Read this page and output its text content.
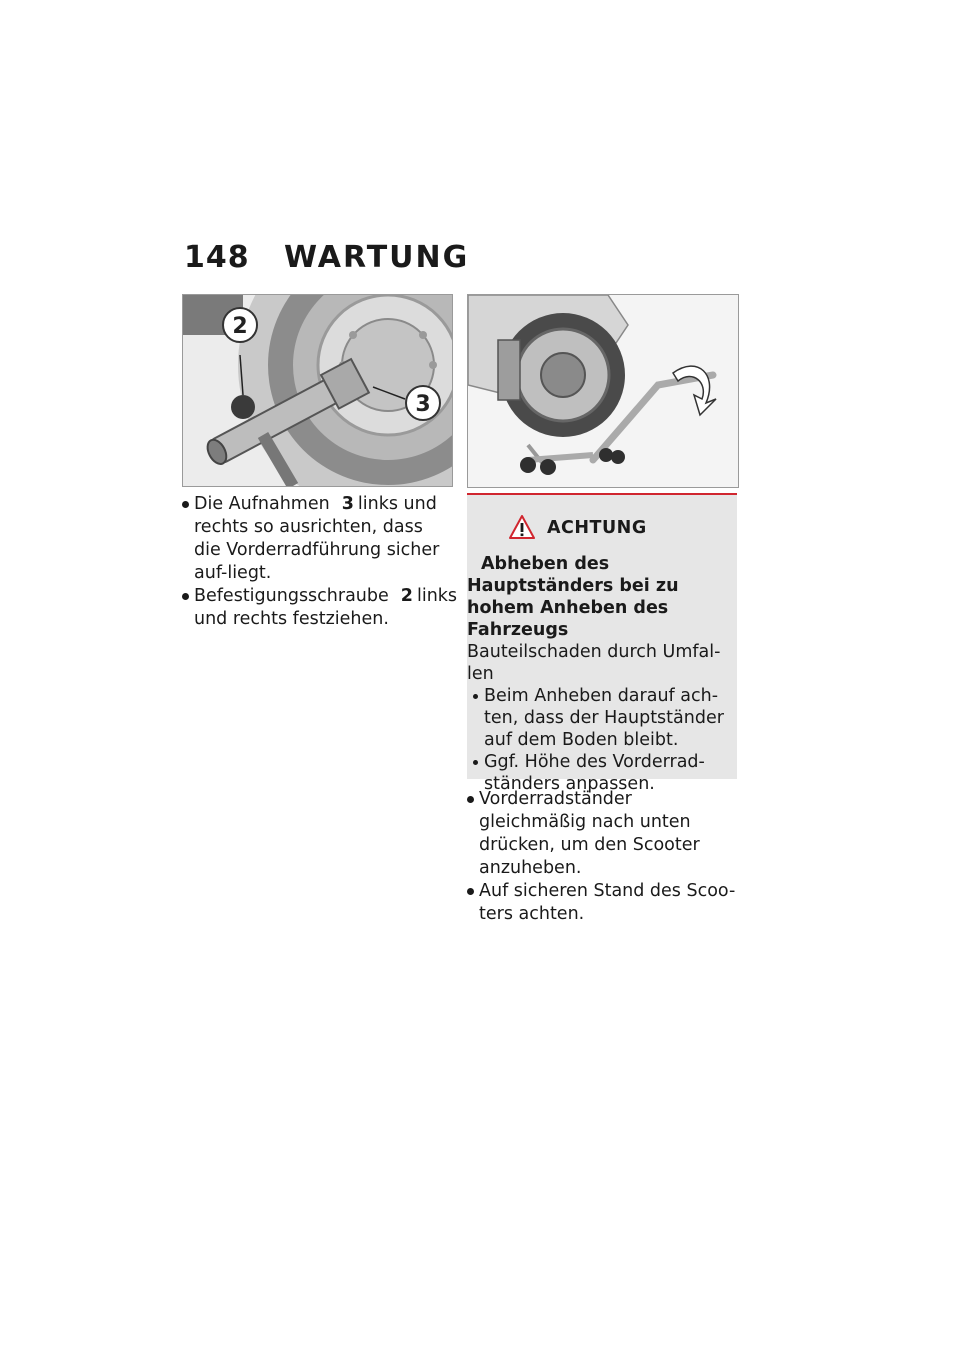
148 WARTUNG
2
3
Die Aufnahmen 3 links und rechts so ausrichten, dass die Vorderradführung sicher auf-liegt.
Befestigungsschraube 2 links und rechts festziehen.
ACHTUNG
Abheben des Hauptständers bei zu hohem Anheben des Fahrzeugs
Bauteilschaden durch Umfal-len
Beim Anheben darauf ach-ten, dass der Hauptständer auf dem Boden bleibt.
Ggf. Höhe des Vorderrad-ständers anpassen.
Vorderradständer gleichmäßig nach unten drücken, um den Scooter anzuheben.
Auf sicheren Stand des Scoo-ters achten.
